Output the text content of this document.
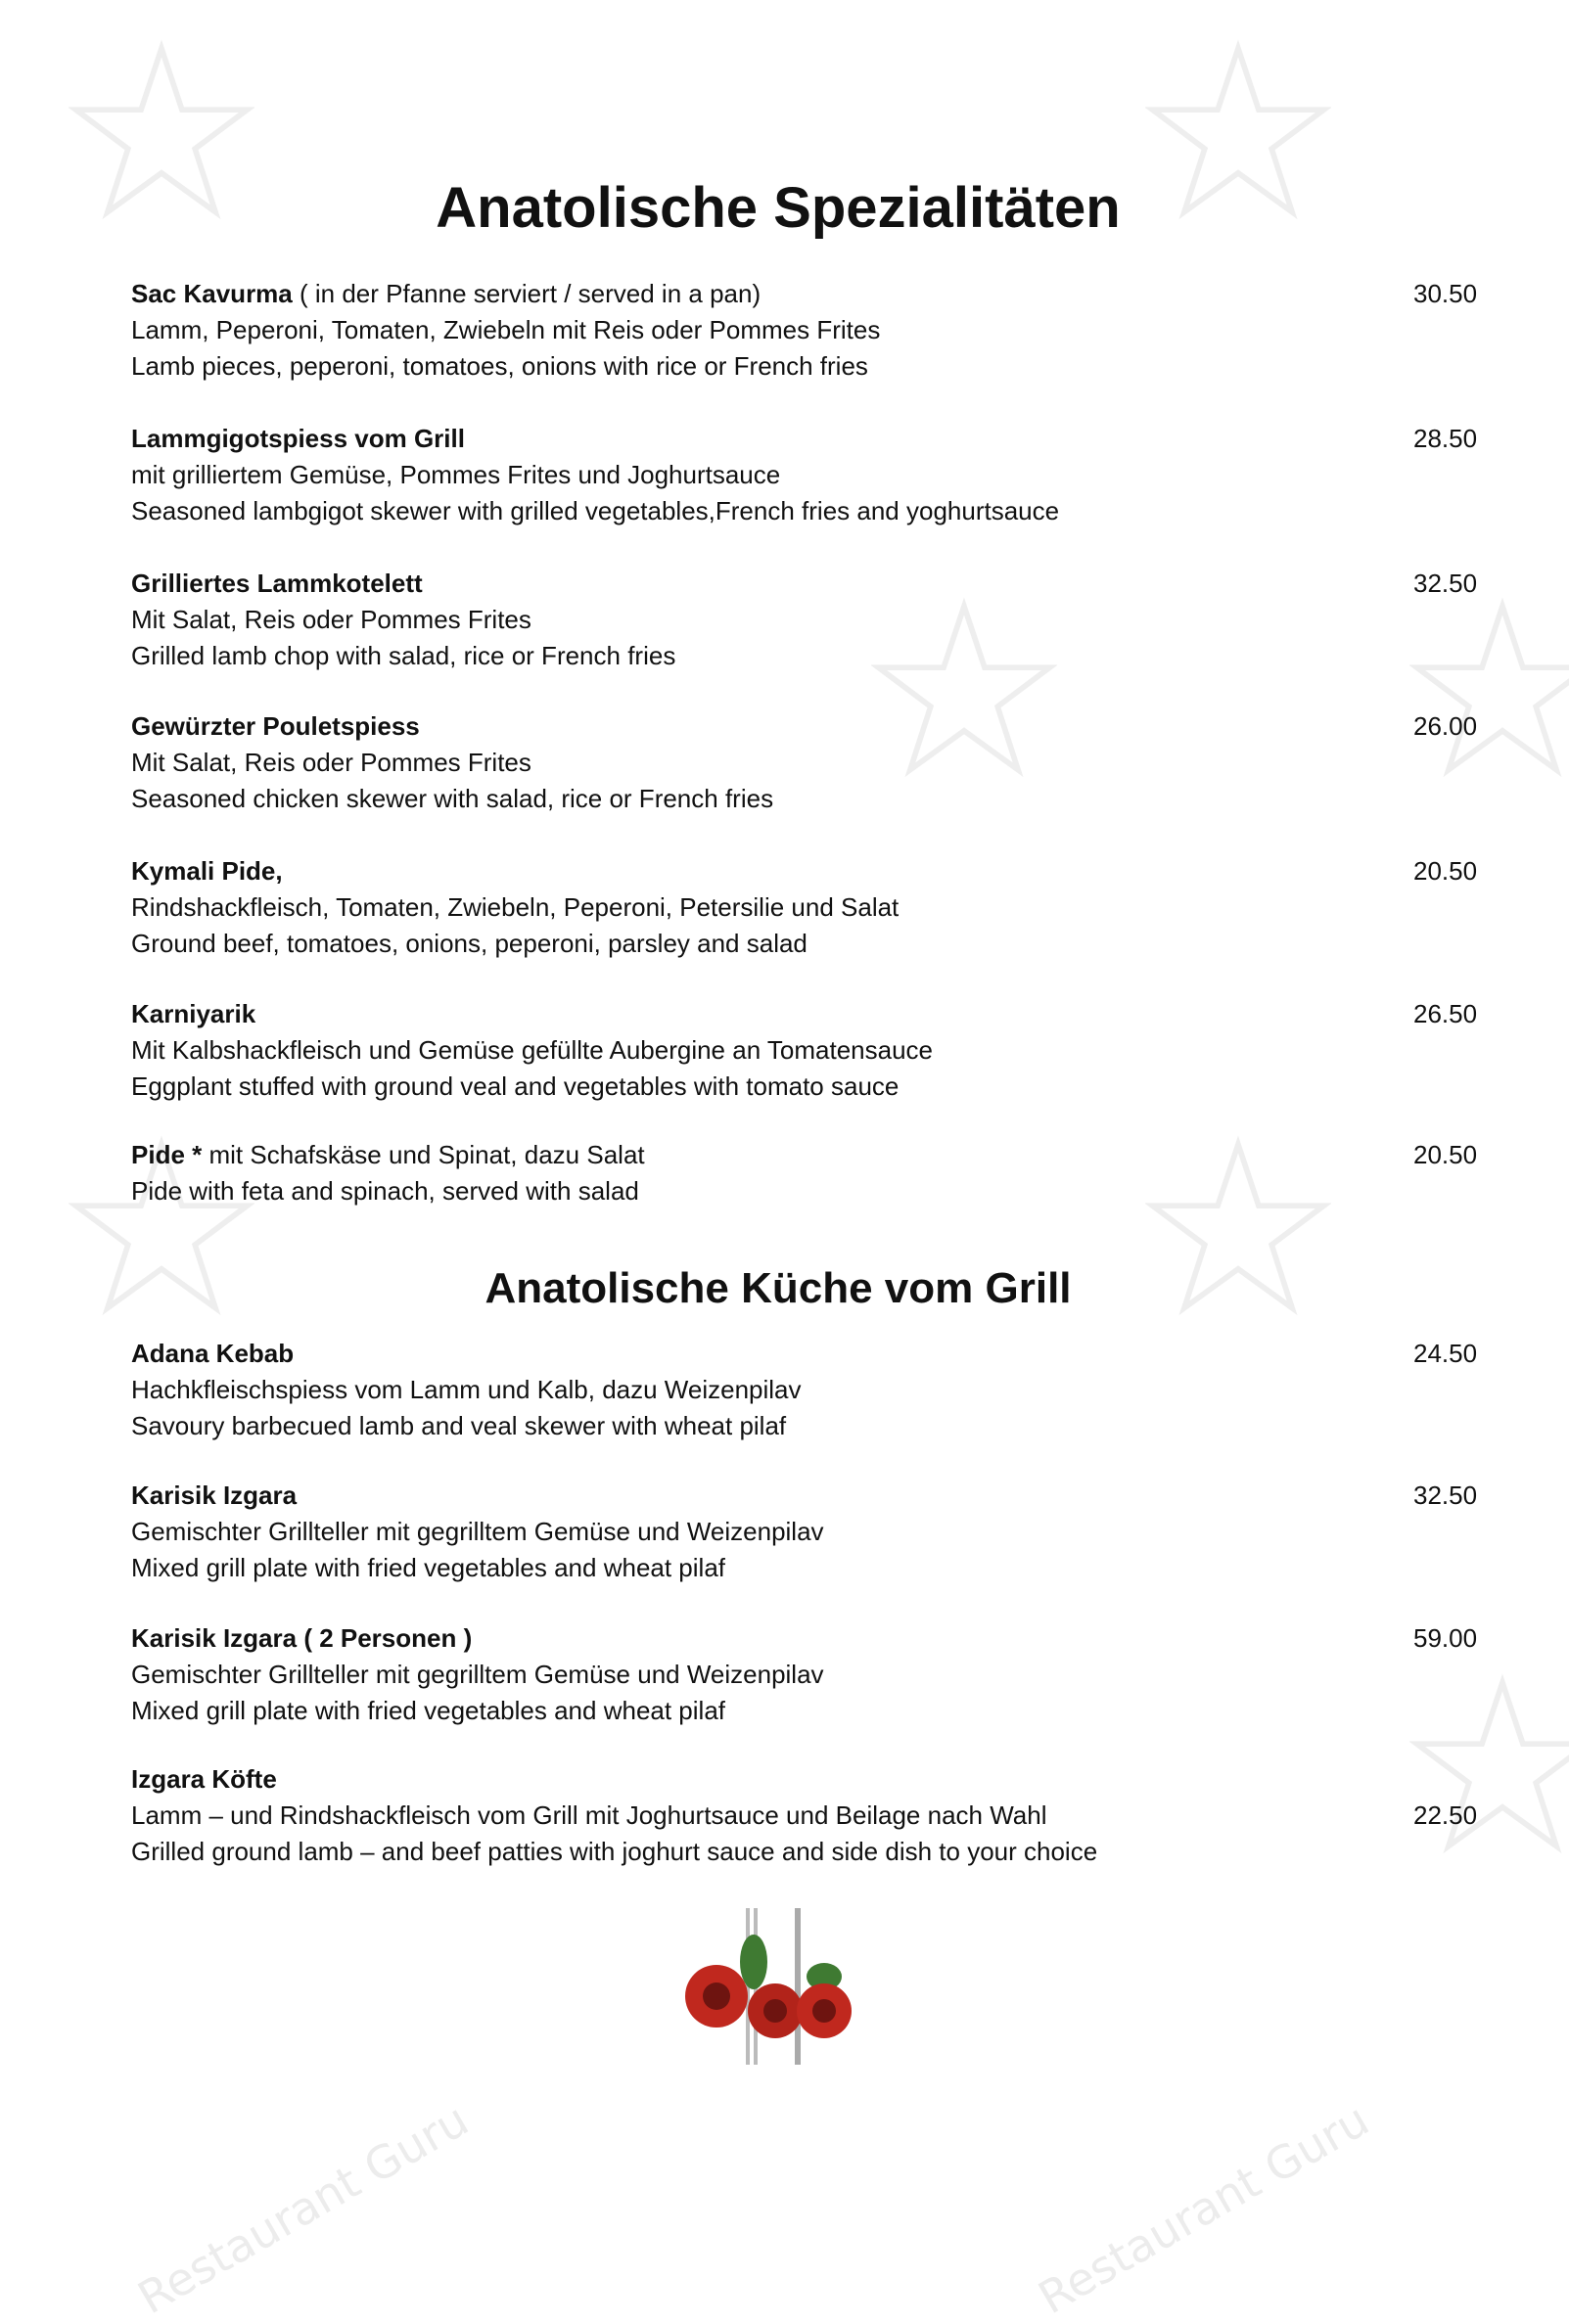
Restaurant Guru	Restaurant Guru
Anatolische Spezialitäten
Sac Kavurma ( in der Pfanne serviert / served in a pan)
Lamm, Peperoni, Tomaten, Zwiebeln mit Reis oder Pommes Frites
Lamb pieces, peperoni, tomatoes, onions with rice or French fries
30.50
Lammgigotspiess vom Grill
mit grilliertem Gemüse, Pommes Frites und Joghurtsauce
Seasoned lambgigot skewer with grilled vegetables,French fries and yoghurtsauce
28.50
Grilliertes Lammkotelett
Mit Salat, Reis oder Pommes Frites
Grilled lamb chop with salad, rice or French fries
32.50
Gewürzter Pouletspiess
Mit Salat, Reis oder Pommes Frites
Seasoned chicken skewer with salad, rice or French fries
26.00
Kymali Pide,
Rindshackfleisch, Tomaten, Zwiebeln, Peperoni, Petersilie und Salat
Ground beef, tomatoes, onions, peperoni, parsley and salad
20.50
Karniyarik
Mit Kalbshackfleisch und Gemüse gefüllte Aubergine an Tomatensauce
Eggplant stuffed with ground veal and vegetables with tomato sauce
26.50
Pide * mit Schafskäse und Spinat, dazu Salat
Pide with feta and spinach, served with salad
20.50
Anatolische Küche vom Grill
Adana Kebab
Hachkfleischspiess vom Lamm und Kalb, dazu Weizenpilav
Savoury barbecued lamb and veal skewer with wheat pilaf
24.50
Karisik Izgara
Gemischter Grillteller mit gegrilltem Gemüse und Weizenpilav
Mixed grill plate with fried vegetables and wheat pilaf
32.50
Karisik Izgara ( 2 Personen )
Gemischter Grillteller mit gegrilltem Gemüse und Weizenpilav
Mixed grill plate with fried vegetables and wheat pilaf
59.00
Izgara Köfte
Lamm – und Rindshackfleisch vom Grill mit Joghurtsauce und Beilage nach Wahl
Grilled ground lamb – and beef patties with joghurt sauce and side dish to your choice
22.50
